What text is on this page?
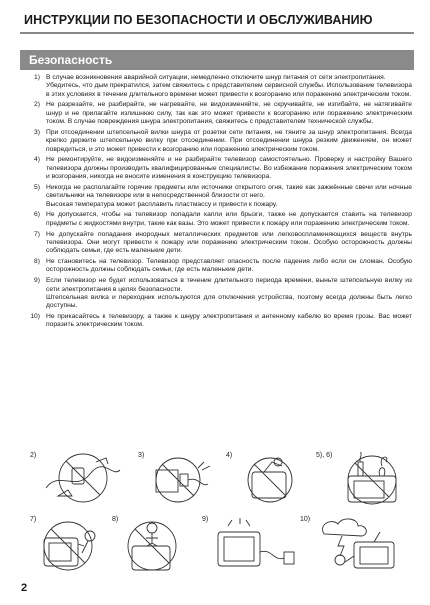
ИНСТРУКЦИИ ПО БЕЗОПАСНОСТИ И ОБСЛУЖИВАНИЮ
Безопасность
1) В случае возникновения аварийной ситуации, немедленно отключите шнур питания от сети электропитания.
Убедитесь, что дым прекратился, затем свяжитесь с представителем сервисной службы. Использование телевизора в этих условиях в течение длительного времени может привести к возгоранию или поражению электрическим током.
2) Не разрезайте, не разбирайте, не нагревайте, не видоизменяйте, не скручивайте, не изгибайте, не натягивайте шнур и не прилагайте излишнюю силу, так как это может привести к возгоранию или поражению электрическим током. В случае повреждения шнура электропитания, свяжитесь с представителем технической службы.
3) При отсоединении штепсельной вилки шнура от розетки сети питания, не тяните за шнур электропитания. Всегда крепко держите штепсельную вилку при отсоединении. При отсоединении шнура резким движением, он может повредиться, и это может привести к возгоранию или поражению электрическим током.
4) Не ремонтируйте, не видоизменяйте и не разбирайте телевизор самостоятельно. Проверку и настройку Вашего телевизора должны производить квалифицированные специалисты. Во избежание поражения электрическим током и возгорания, никогда не вносите изменения в конструкцию телевизора.
5) Никогда не располагайте горячие предметы или источники открытого огня, такие как зажжённые свечи или ночные светильники на телевизоре или в непосредственной близости от него.
Высокая температура может расплавить пластмассу и привести к пожару.
6) Не допускается, чтобы на телевизор попадали капли или брызги, также не допускается ставить на телевизор предметы с жидкостями внутри, такие как вазы. Это может привести к пожару или поражению электрическим током.
7) Не допускайте попадания инородных металлических предметов или легковоспламеняющихся веществ внутрь телевизора. Они могут привести к пожару или поражению электрическим током. Особую осторожность должны соблюдать семьи, где есть маленькие дети.
8) Не становитесь на телевизор. Телевизор представляет опасность после падения либо если он сломан. Особую осторожность должны соблюдать семьи, где есть маленькие дети.
9) Если телевизор не будет использоваться в течение длительного периода времени, выньте штепсельную вилку из сети электропитания в целях безопасности.
Штепсельная вилка и переходник используются для отключения устройства, поэтому всегда должны быть легко доступны.
10) Не прикасайтесь к телевизору, а также к шнуру электропитания и антенному кабелю во время грозы. Вас может поразить электрическим током.
2)	3)	4)	5), 6)
7)	8)	9)	10)
2
